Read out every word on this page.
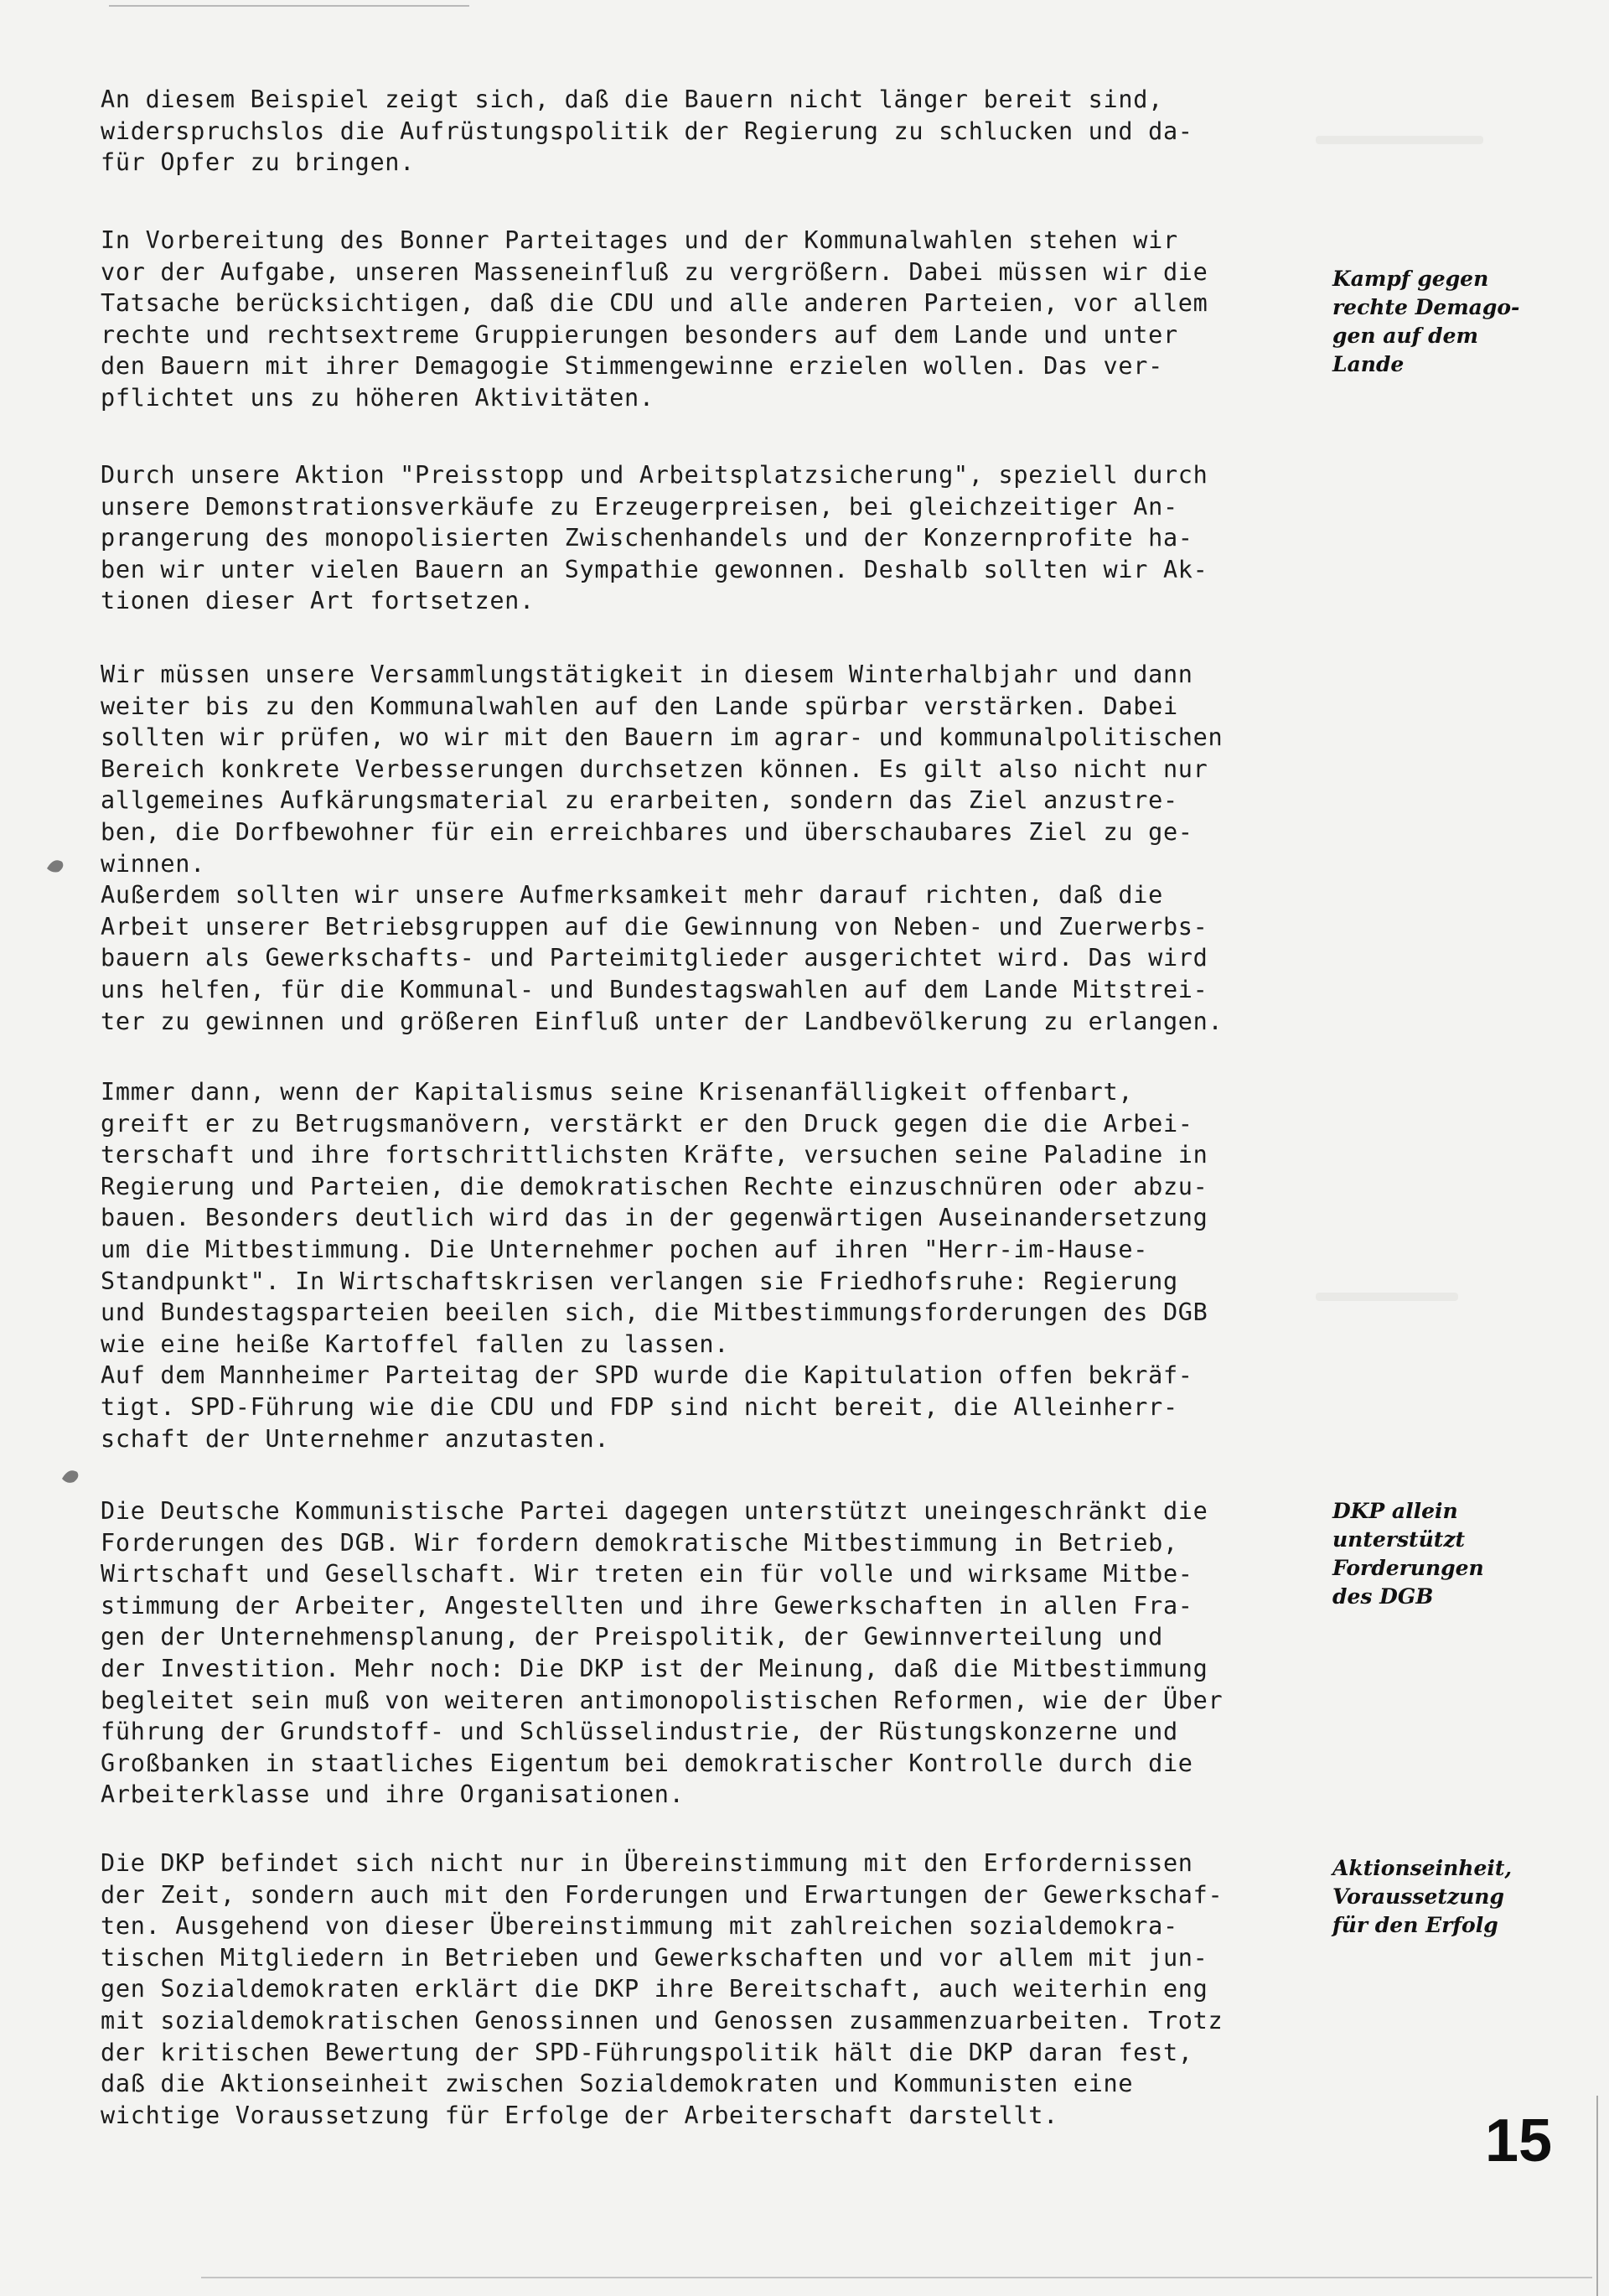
An diesem Beispiel zeigt sich, daß die Bauern nicht länger bereit sind,
widerspruchslos die Aufrüstungspolitik der Regierung zu schlucken und da-
für Opfer zu bringen.

In Vorbereitung des Bonner Parteitages und der Kommunalwahlen stehen wir
vor der Aufgabe, unseren Masseneinfluß zu vergrößern. Dabei müssen wir die
Tatsache berücksichtigen, daß die CDU und alle anderen Parteien, vor allem
rechte und rechtsextreme Gruppierungen besonders auf dem Lande und unter
den Bauern mit ihrer Demagogie Stimmengewinne erzielen wollen. Das ver-
pflichtet uns zu höheren Aktivitäten.

Durch unsere Aktion "Preisstopp und Arbeitsplatzsicherung", speziell durch
unsere Demonstrationsverkäufe zu Erzeugerpreisen, bei gleichzeitiger An-
prangerung des monopolisierten Zwischenhandels und der Konzernprofite ha-
ben wir unter vielen Bauern an Sympathie gewonnen. Deshalb sollten wir Ak-
tionen dieser Art fortsetzen.

Wir müssen unsere Versammlungstätigkeit in diesem Winterhalbjahr und dann
weiter bis zu den Kommunalwahlen auf den Lande spürbar verstärken. Dabei
sollten wir prüfen, wo wir mit den Bauern im agrar- und kommunalpolitischen
Bereich konkrete Verbesserungen durchsetzen können. Es gilt also nicht nur
allgemeines Aufkärungsmaterial zu erarbeiten, sondern das Ziel anzustre-
ben, die Dorfbewohner für ein erreichbares und überschaubares Ziel zu ge-
winnen.
Außerdem sollten wir unsere Aufmerksamkeit mehr darauf richten, daß die
Arbeit unserer Betriebsgruppen auf die Gewinnung von Neben- und Zuerwerbs-
bauern als Gewerkschafts- und Parteimitglieder ausgerichtet wird. Das wird
uns helfen, für die Kommunal- und Bundestagswahlen auf dem Lande Mitstrei-
ter zu gewinnen und größeren Einfluß unter der Landbevölkerung zu erlangen.

Immer dann, wenn der Kapitalismus seine Krisenanfälligkeit offenbart,
greift er zu Betrugsmanövern, verstärkt er den Druck gegen die die Arbei-
terschaft und ihre fortschrittlichsten Kräfte, versuchen seine Paladine in
Regierung und Parteien, die demokratischen Rechte einzuschnüren oder abzu-
bauen. Besonders deutlich wird das in der gegenwärtigen Auseinandersetzung
um die Mitbestimmung. Die Unternehmer pochen auf ihren "Herr-im-Hause-
Standpunkt". In Wirtschaftskrisen verlangen sie Friedhofsruhe: Regierung
und Bundestagsparteien beeilen sich, die Mitbestimmungsforderungen des DGB
wie eine heiße Kartoffel fallen zu lassen.
Auf dem Mannheimer Parteitag der SPD wurde die Kapitulation offen bekräf-
tigt. SPD-Führung wie die CDU und FDP sind nicht bereit, die Alleinherr-
schaft der Unternehmer anzutasten.

Die Deutsche Kommunistische Partei dagegen unterstützt uneingeschränkt die
Forderungen des DGB. Wir fordern demokratische Mitbestimmung in Betrieb,
Wirtschaft und Gesellschaft. Wir treten ein für volle und wirksame Mitbe-
stimmung der Arbeiter, Angestellten und ihre Gewerkschaften in allen Fra-
gen der Unternehmensplanung, der Preispolitik, der Gewinnverteilung und
der Investition. Mehr noch: Die DKP ist der Meinung, daß die Mitbestimmung
begleitet sein muß von weiteren antimonopolistischen Reformen, wie der Über
führung der Grundstoff- und Schlüsselindustrie, der Rüstungskonzerne und
Großbanken in staatliches Eigentum bei demokratischer Kontrolle durch die
Arbeiterklasse und ihre Organisationen.

Die DKP befindet sich nicht nur in Übereinstimmung mit den Erfordernissen
der Zeit, sondern auch mit den Forderungen und Erwartungen der Gewerkschaf-
ten. Ausgehend von dieser Übereinstimmung mit zahlreichen sozialdemokra-
tischen Mitgliedern in Betrieben und Gewerkschaften und vor allem mit jun-
gen Sozialdemokraten erklärt die DKP ihre Bereitschaft, auch weiterhin eng
mit sozialdemokratischen Genossinnen und Genossen zusammenzuarbeiten. Trotz
der kritischen Bewertung der SPD-Führungspolitik hält die DKP daran fest,
daß die Aktionseinheit zwischen Sozialdemokraten und Kommunisten eine
wichtige Voraussetzung für Erfolge der Arbeiterschaft darstellt.

Kampf gegen
rechte Demago-
gen auf dem
Lande

DKP allein
unterstützt
Forderungen
des DGB

Aktionseinheit,
Voraussetzung
für den Erfolg

15
